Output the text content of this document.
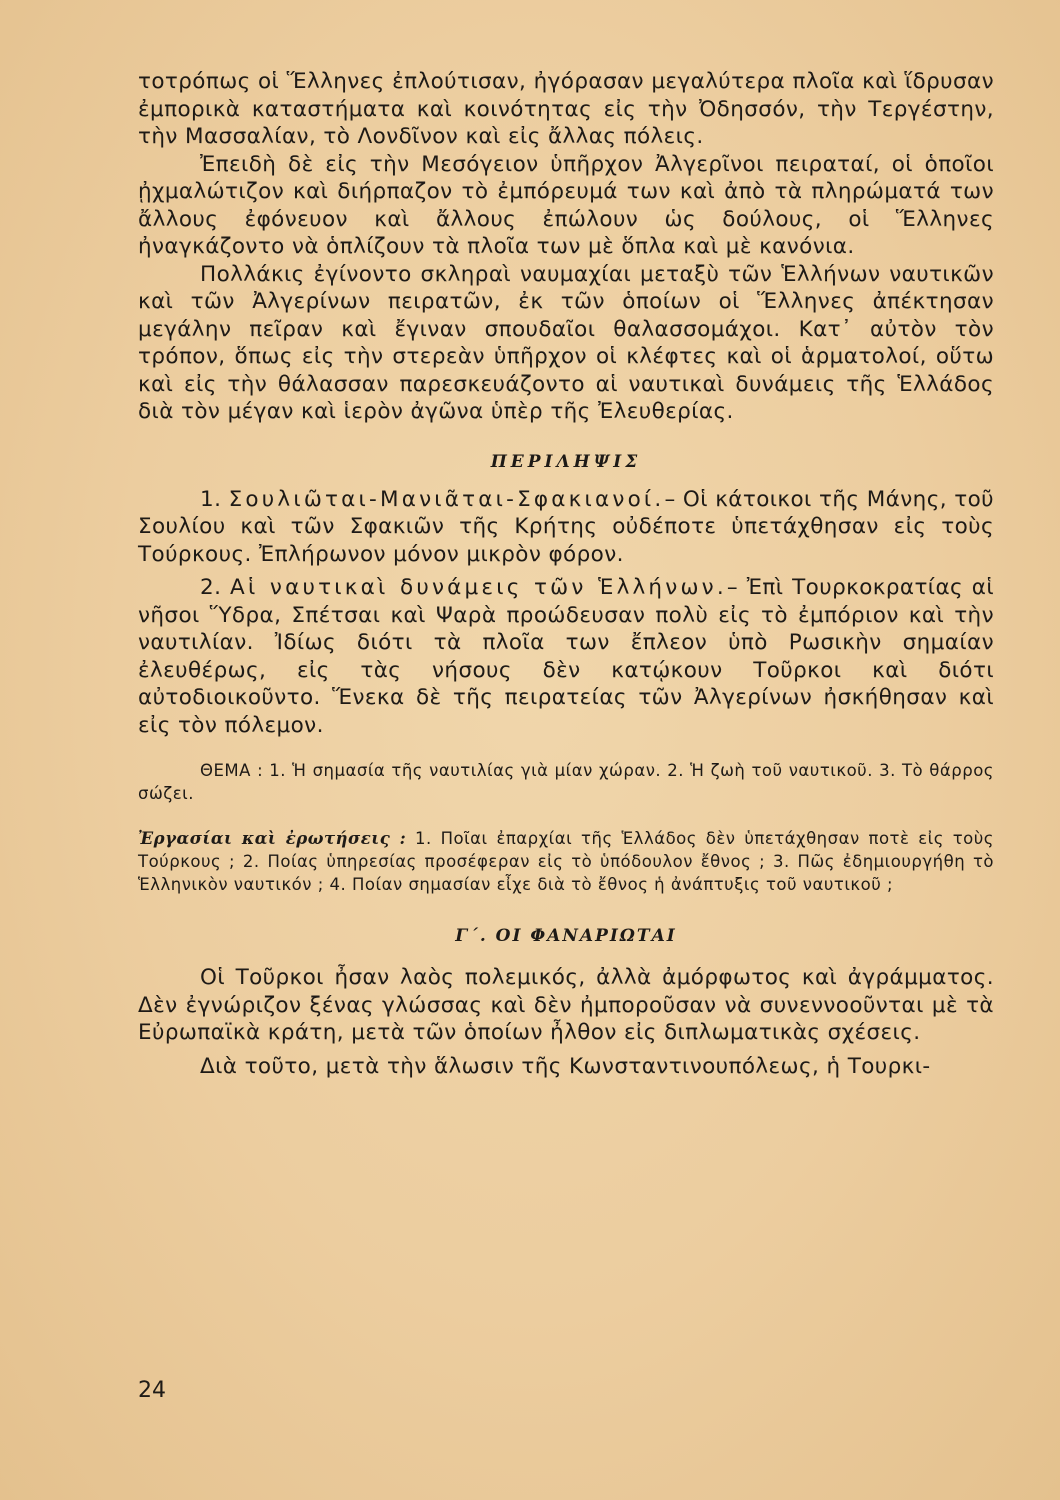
τοτρόπως οἱ Ἕλληνες ἐπλούτισαν, ἠγόρασαν μεγαλύτερα πλοῖα καὶ ἵδρυσαν ἐμπορικὰ καταστήματα καὶ κοινότητας εἰς τὴν Ὀδησσόν, τὴν Τεργέστην, τὴν Μασσαλίαν, τὸ Λονδῖνον καὶ εἰς ἄλλας πόλεις.

Ἐπειδὴ δὲ εἰς τὴν Μεσόγειον ὑπῆρχον Ἀλγερῖνοι πειραταί, οἱ ὁποῖοι ᾐχμαλώτιζον καὶ διήρπαζον τὸ ἐμπόρευμά των καὶ ἀπὸ τὰ πληρώματά των ἄλλους ἐφόνευον καὶ ἄλλους ἐπώλουν ὡς δούλους, οἱ Ἕλληνες ἠναγκάζοντο νὰ ὁπλίζουν τὰ πλοῖα των μὲ ὅπλα καὶ μὲ κανόνια.

Πολλάκις ἐγίνοντο σκληραὶ ναυμαχίαι μεταξὺ τῶν Ἑλλήνων ναυτικῶν καὶ τῶν Ἀλγερίνων πειρατῶν, ἐκ τῶν ὁποίων οἱ Ἕλληνες ἀπέκτησαν μεγάλην πεῖραν καὶ ἔγιναν σπουδαῖοι θαλασσομάχοι. Κατ᾿ αὐτὸν τὸν τρόπον, ὅπως εἰς τὴν στερεὰν ὑπῆρχον οἱ κλέφτες καὶ οἱ ἁρματολοί, οὕτω καὶ εἰς τὴν θάλασσαν παρεσκευάζοντο αἱ ναυτικαὶ δυνάμεις τῆς Ἑλλάδος διὰ τὸν μέγαν καὶ ἱερὸν ἀγῶνα ὑπὲρ τῆς Ἐλευθερίας.

ΠΕΡΙΛΗΨΙΣ

1. Σουλιῶται-Μανιᾶται-Σφακιανοί.– Οἱ κάτοικοι τῆς Μάνης, τοῦ Σουλίου καὶ τῶν Σφακιῶν τῆς Κρήτης οὐδέποτε ὑπετάχθησαν εἰς τοὺς Τούρκους. Ἐπλήρωνον μόνον μικρὸν φόρον.

2. Αἱ ναυτικαὶ δυνάμεις τῶν Ἑλλήνων.– Ἐπὶ Τουρκοκρατίας αἱ νῆσοι Ὕδρα, Σπέτσαι καὶ Ψαρὰ προώδευσαν πολὺ εἰς τὸ ἐμπόριον καὶ τὴν ναυτιλίαν. Ἰδίως διότι τὰ πλοῖα των ἔπλεον ὑπὸ Ρωσικὴν σημαίαν ἐλευθέρως, εἰς τὰς νήσους δὲν κατῴκουν Τοῦρκοι καὶ διότι αὐτοδιοικοῦντο. Ἕνεκα δὲ τῆς πειρατείας τῶν Ἀλγερίνων ἠσκήθησαν καὶ εἰς τὸν πόλεμον.

ΘΕΜΑ : 1. Ἡ σημασία τῆς ναυτιλίας γιὰ μίαν χώραν. 2. Ἡ ζωὴ τοῦ ναυτικοῦ. 3. Τὸ θάρρος σώζει.

Ἐργασίαι καὶ ἐρωτήσεις : 1. Ποῖαι ἐπαρχίαι τῆς Ἑλλάδος δὲν ὑπετάχθησαν ποτὲ εἰς τοὺς Τούρκους ; 2. Ποίας ὑπηρεσίας προσέφεραν εἰς τὸ ὑπόδουλον ἔθνος ; 3. Πῶς ἐδημιουργήθη τὸ Ἑλληνικὸν ναυτικόν ; 4. Ποίαν σημασίαν εἶχε διὰ τὸ ἔθνος ἡ ἀνάπτυξις τοῦ ναυτικοῦ ;

Γ΄. ΟΙ ΦΑΝΑΡΙΩΤΑΙ

Οἱ Τοῦρκοι ἦσαν λαὸς πολεμικός, ἀλλὰ ἀμόρφωτος καὶ ἀγράμματος. Δὲν ἐγνώριζον ξένας γλώσσας καὶ δὲν ἠμποροῦσαν νὰ συνεννοοῦνται μὲ τὰ Εὐρωπαϊκὰ κράτη, μετὰ τῶν ὁποίων ἦλθον εἰς διπλωματικὰς σχέσεις.

Διὰ τοῦτο, μετὰ τὴν ἅλωσιν τῆς Κωνσταντινουπόλεως, ἡ Τουρκι-

24
